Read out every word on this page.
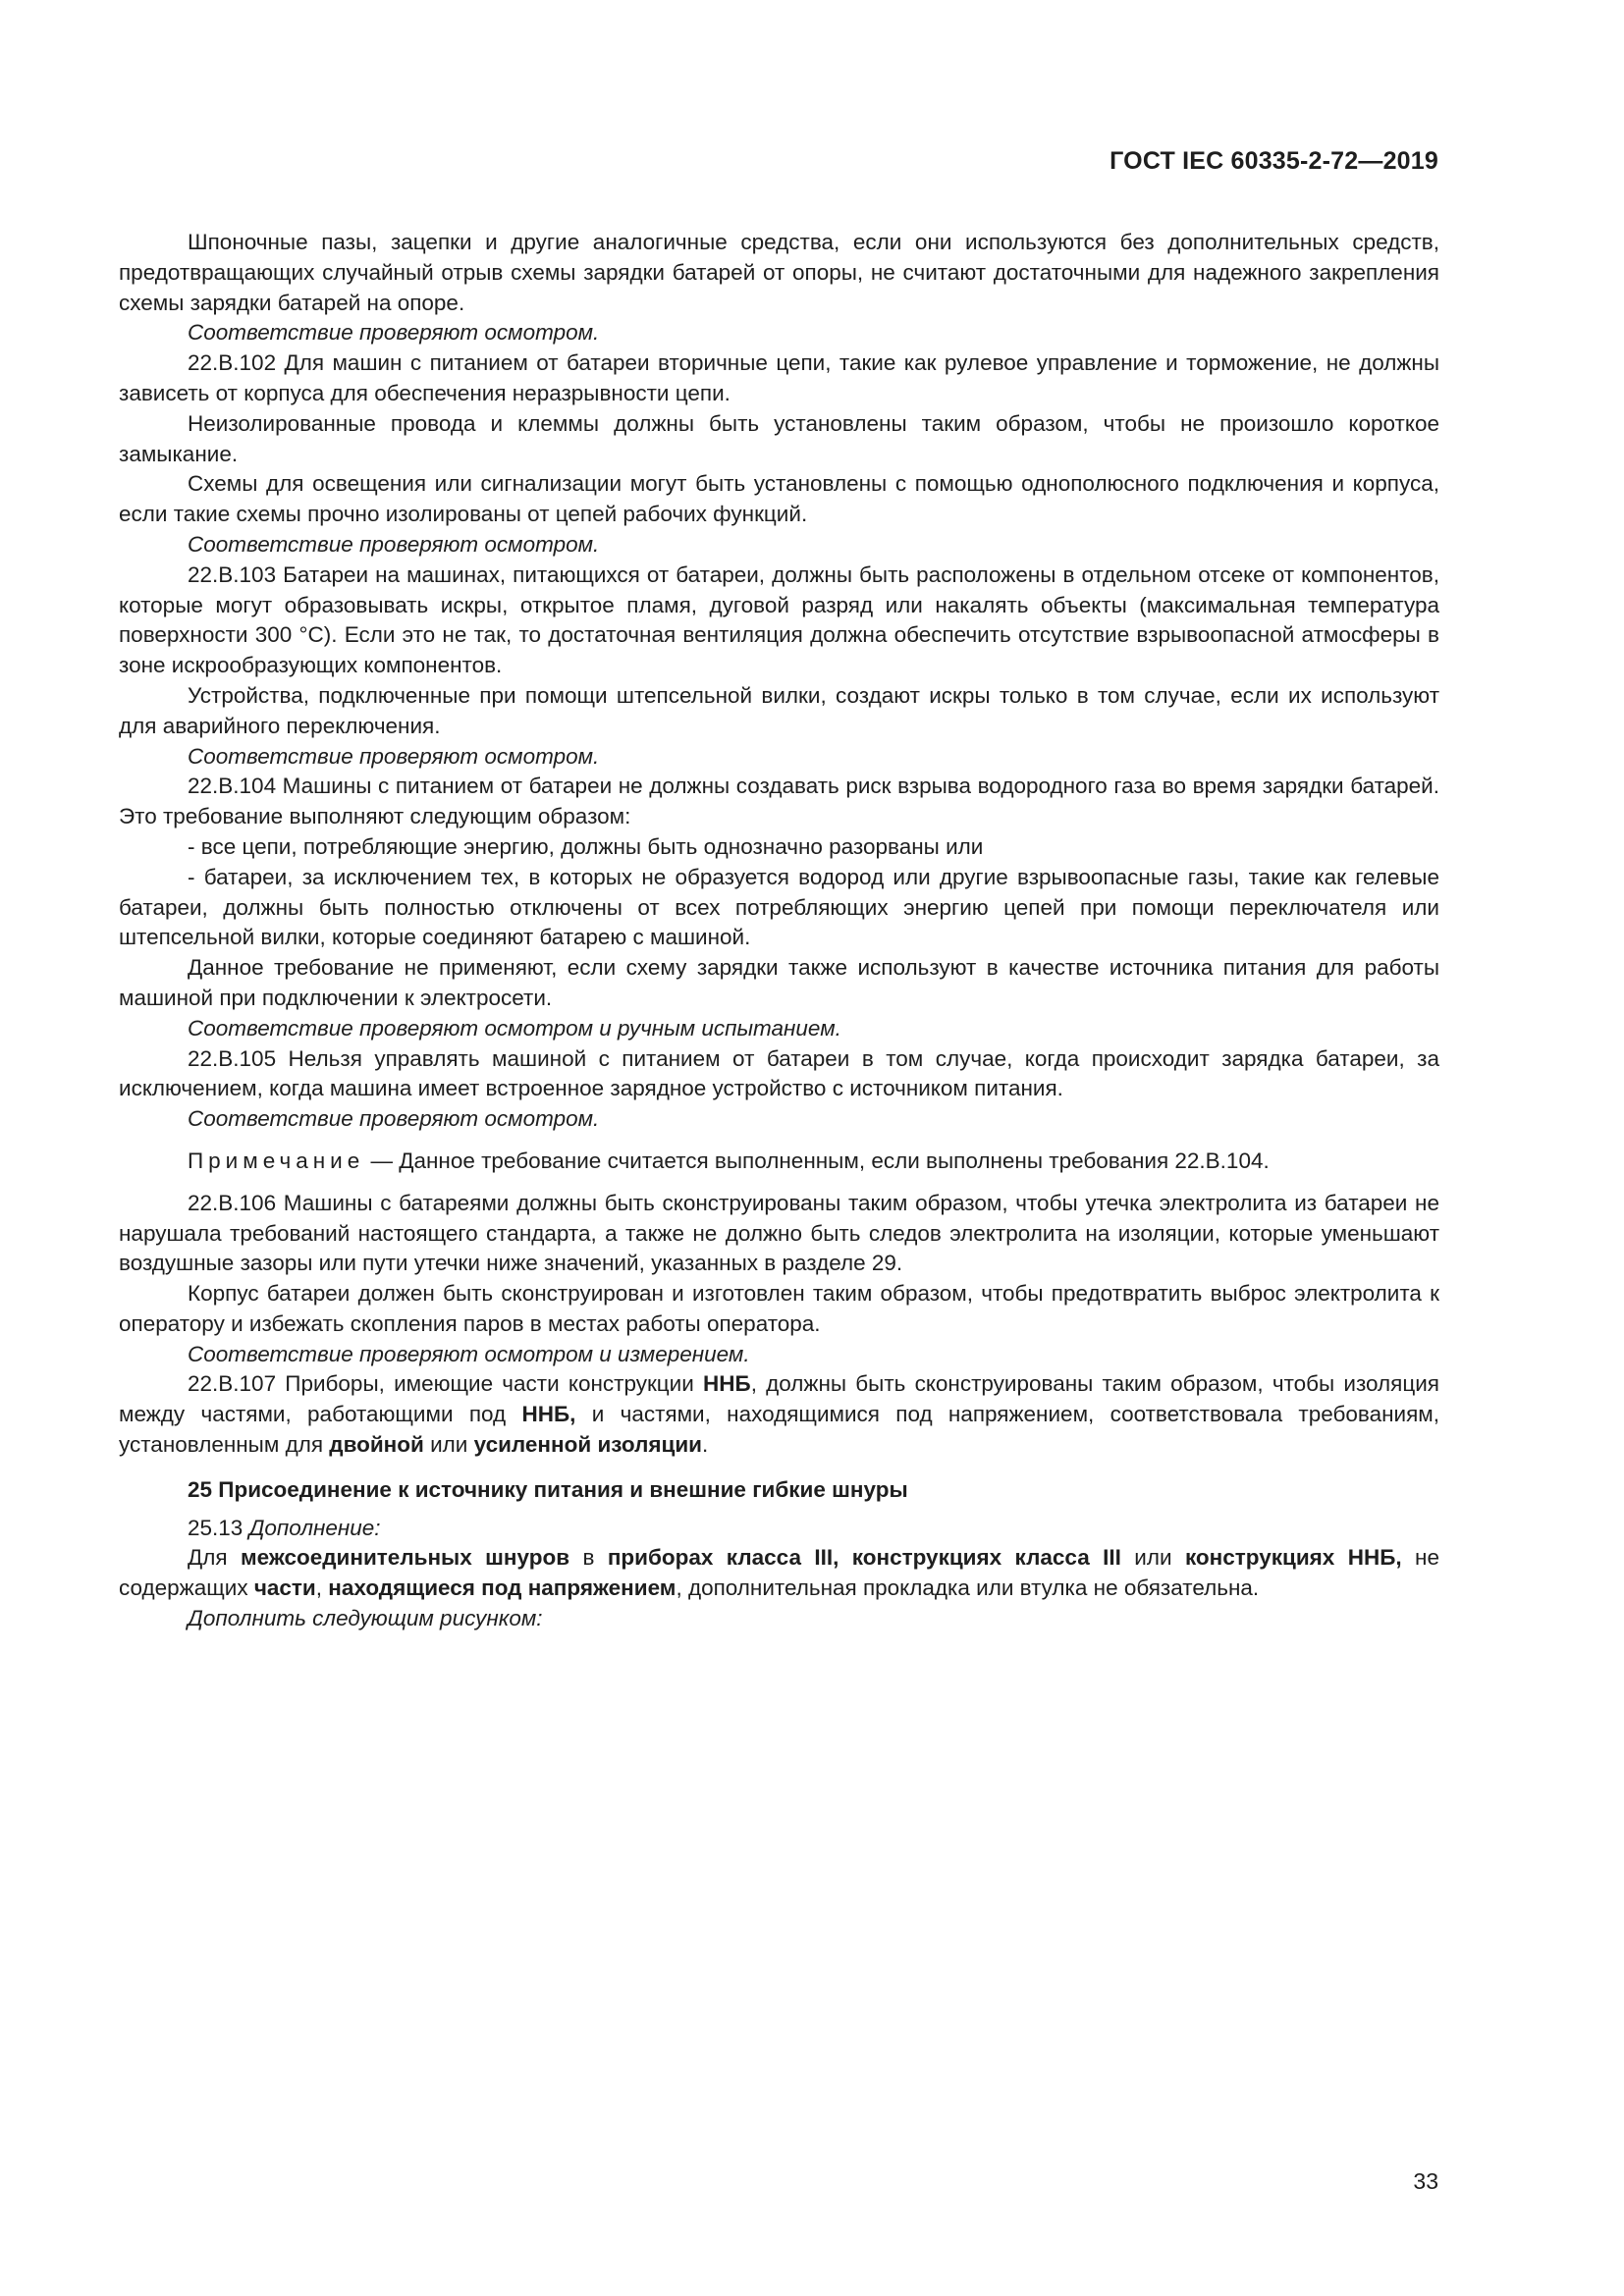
ГОСТ IEC 60335-2-72—2019

Шпоночные пазы, зацепки и другие аналогичные средства, если они используются без дополнительных средств, предотвращающих случайный отрыв схемы зарядки батарей от опоры, не считают достаточными для надежного закрепления схемы зарядки батарей на опоре.

Соответствие проверяют осмотром.

22.В.102 Для машин с питанием от батареи вторичные цепи, такие как рулевое управление и торможение, не должны зависеть от корпуса для обеспечения неразрывности цепи.

Неизолированные провода и клеммы должны быть установлены таким образом, чтобы не произошло короткое замыкание.

Схемы для освещения или сигнализации могут быть установлены с помощью однополюсного подключения и корпуса, если такие схемы прочно изолированы от цепей рабочих функций.

Соответствие проверяют осмотром.

22.В.103 Батареи на машинах, питающихся от батареи, должны быть расположены в отдельном отсеке от компонентов, которые могут образовывать искры, открытое пламя, дуговой разряд или накалять объекты (максимальная температура поверхности 300 °С). Если это не так, то достаточная вентиляция должна обеспечить отсутствие взрывоопасной атмосферы в зоне искрообразующих компонентов.

Устройства, подключенные при помощи штепсельной вилки, создают искры только в том случае, если их используют для аварийного переключения.

Соответствие проверяют осмотром.

22.В.104 Машины с питанием от батареи не должны создавать риск взрыва водородного газа во время зарядки батарей. Это требование выполняют следующим образом:

- все цепи, потребляющие энергию, должны быть однозначно разорваны или

- батареи, за исключением тех, в которых не образуется водород или другие взрывоопасные газы, такие как гелевые батареи, должны быть полностью отключены от всех потребляющих энергию цепей при помощи переключателя или штепсельной вилки, которые соединяют батарею с машиной.

Данное требование не применяют, если схему зарядки также используют в качестве источника питания для работы машиной при подключении к электросети.

Соответствие проверяют осмотром и ручным испытанием.

22.В.105 Нельзя управлять машиной с питанием от батареи в том случае, когда происходит зарядка батареи, за исключением, когда машина имеет встроенное зарядное устройство с источником питания.

Соответствие проверяют осмотром.

Примечание — Данное требование считается выполненным, если выполнены требования 22.В.104.

22.В.106 Машины с батареями должны быть сконструированы таким образом, чтобы утечка электролита из батареи не нарушала требований настоящего стандарта, а также не должно быть следов электролита на изоляции, которые уменьшают воздушные зазоры или пути утечки ниже значений, указанных в разделе 29.

Корпус батареи должен быть сконструирован и изготовлен таким образом, чтобы предотвратить выброс электролита к оператору и избежать скопления паров в местах работы оператора.

Соответствие проверяют осмотром и измерением.

22.В.107 Приборы, имеющие части конструкции ННБ, должны быть сконструированы таким образом, чтобы изоляция между частями, работающими под ННБ, и частями, находящимися под напряжением, соответствовала требованиям, установленным для двойной или усиленной изоляции.

25 Присоединение к источнику питания и внешние гибкие шнуры

25.13 Дополнение:

Для межсоединительных шнуров в приборах класса III, конструкциях класса III или конструкциях ННБ, не содержащих части, находящиеся под напряжением, дополнительная прокладка или втулка не обязательна.

Дополнить следующим рисунком:

33
